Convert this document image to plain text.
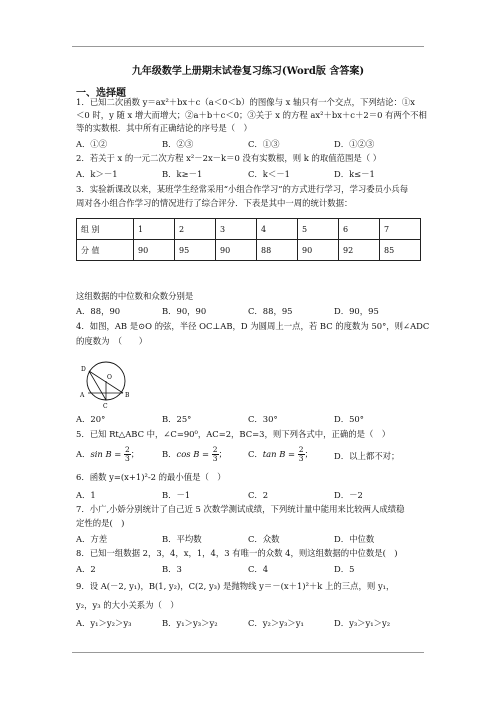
九年级数学上册期末试卷复习练习(Word版 含答案)
一、选择题
1．已知二次函数 y＝ax²＋bx＋c（a＜0＜b）的图像与 x 轴只有一个交点，下列结论：①x
＜0 时，y 随 x 增大而增大；②a＋b＋c＜0；③关于 x 的方程 ax²＋bx＋c＋2＝0 有两个不相
等的实数根．其中所有正确结论的序号是（　）
A．①②	B．②③	C．①③	D．①②③
2．若关于 x 的一元二次方程 x²－2x－k＝0 没有实数根，则 k 的取值范围是（ ）
A．k＞－1	B．k≥－1	C．k＜－1	D．k≤－1
3．实验新课改以来，某班学生经常采用“小组合作学习”的方式进行学习，学习委员小兵每
周对各小组合作学习的情况进行了综合评分．下表是其中一周的统计数据：
组 别	1	2	3	4	5	6	7
分 值	90	95	90	88	90	92	85
这组数据的中位数和众数分别是
A．88，90	B．90，90	C．88，95	D．90，95
4．如图，AB 是⊙O 的弦，半径 OC⊥AB，D 为圆周上一点，若 BC 的度数为 50°，则∠ADC
的度数为　（　　）
D
O
A	B
C
A．20°	B．25°	C．30°	D．50°
5．已知 Rt△ABC 中，∠C=90⁰，AC=2，BC=3，则下列各式中，正确的是（　）
A．$\sin B = \frac{2}{3}$ ；	B．$\cos B = \frac{2}{3}$ ；	C．$\tan B = \frac{2}{3}$ ；	D．以上都不对；
6．函数 y=(x+1)²-2 的最小值是（　）
A．1	B．－1	C．2	D．－2
7．小广,小娇分别统计了自己近 5 次数学测试成绩，下列统计量中能用来比较两人成绩稳
定性的是(　)
A．方差	B．平均数	C．众数	D．中位数
8．已知一组数据 2，3，4，x，1，4，3 有唯一的众数 4，则这组数据的中位数是(　)
A．2	B．3	C．4	D．5
9．设 A(－2, y₁)，B(1, y₂)，C(2, y₃) 是抛物线 y＝－(x＋1)²＋k 上的三点，则 y₁，
y₂，y₃ 的大小关系为（　）
A．y₁＞y₂＞y₃	B．y₁＞y₃＞y₂	C．y₂＞y₃＞y₁	D．y₃＞y₁＞y₂
